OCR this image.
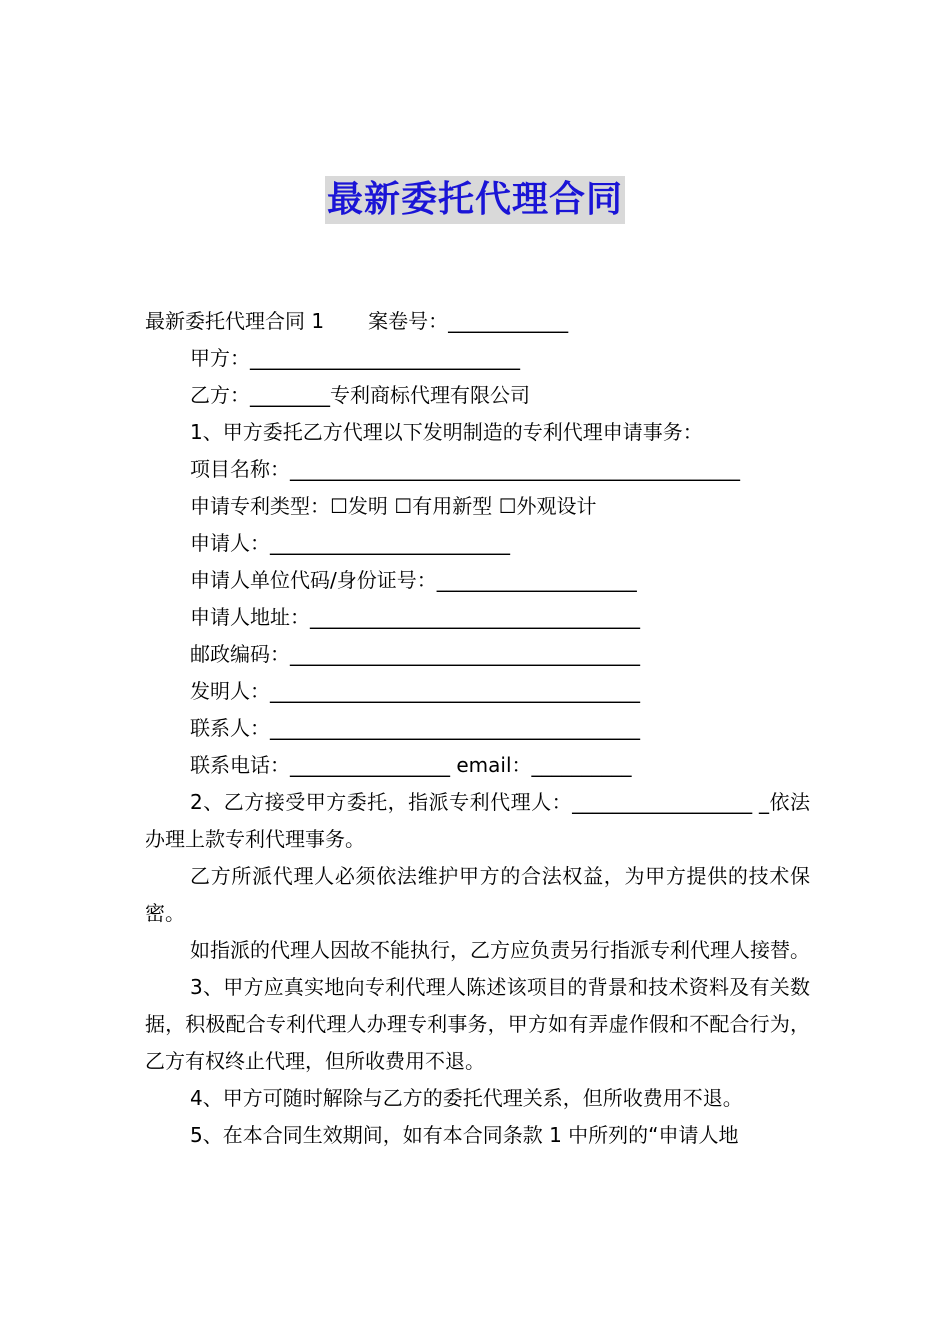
最新委托代理合同
最新委托代理合同 1 案卷号：____________
甲方：___________________________
乙方：________专利商标代理有限公司
1、甲方委托乙方代理以下发明制造的专利代理申请事务：
项目名称：_____________________________________________
申请专利类型：☐发明 ☐有用新型 ☐外观设计
申请人：________________________
申请人单位代码/身份证号：____________________
申请人地址：_________________________________
邮政编码：___________________________________
发明人：_____________________________________
联系人：_____________________________________
联系电话：________________ email：__________
2、乙方接受甲方委托，指派专利代理人：__________________ _依法办理上款专利代理事务。
乙方所派代理人必须依法维护甲方的合法权益，为甲方提供的技术保密。
如指派的代理人因故不能执行，乙方应负责另行指派专利代理人接替。
3、甲方应真实地向专利代理人陈述该项目的背景和技术资料及有关数据，积极配合专利代理人办理专利事务，甲方如有弄虚作假和不配合行为，乙方有权终止代理，但所收费用不退。
4、甲方可随时解除与乙方的委托代理关系，但所收费用不退。
5、在本合同生效期间，如有本合同条款 1 中所列的“申请人地
